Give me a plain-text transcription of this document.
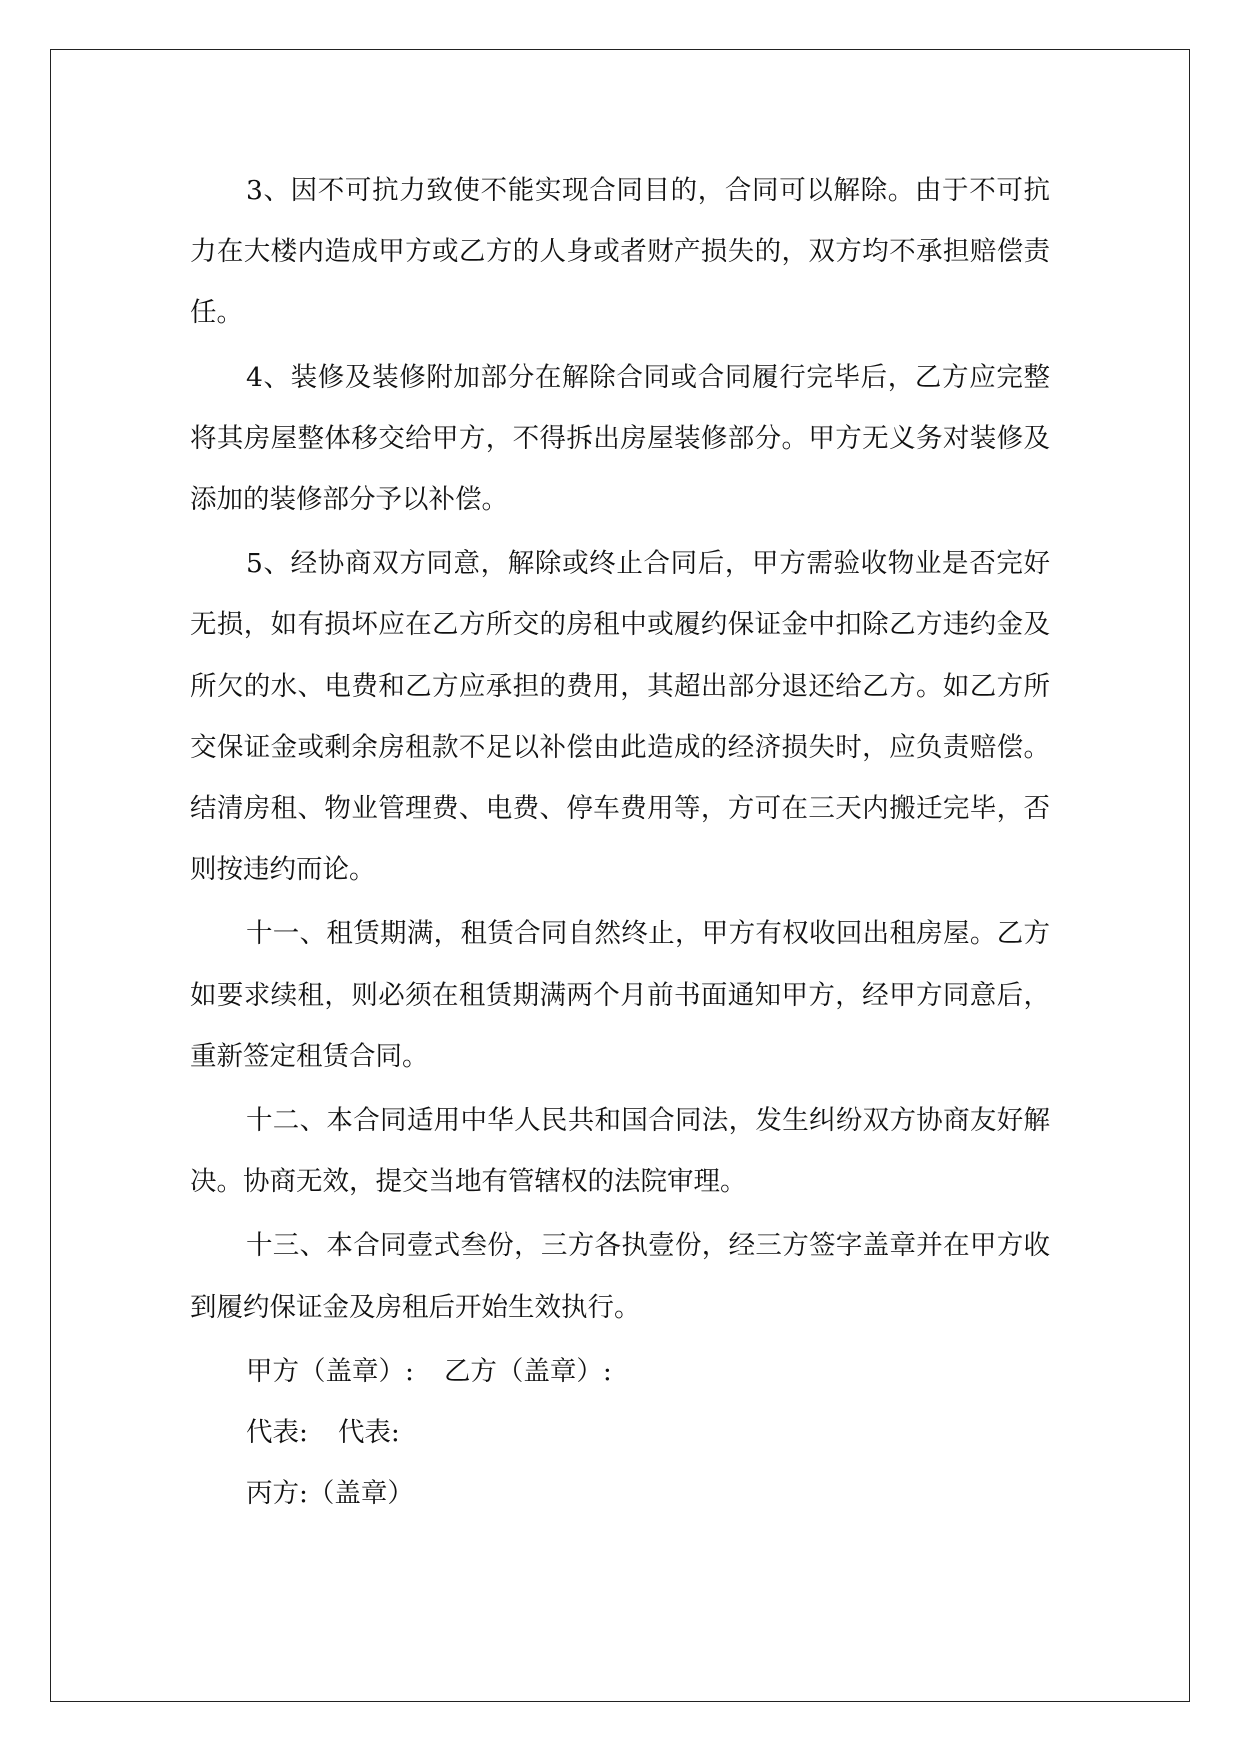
3、因不可抗力致使不能实现合同目的，合同可以解除。由于不可抗力在大楼内造成甲方或乙方的人身或者财产损失的，双方均不承担赔偿责任。

4、装修及装修附加部分在解除合同或合同履行完毕后，乙方应完整将其房屋整体移交给甲方，不得拆出房屋装修部分。甲方无义务对装修及添加的装修部分予以补偿。

5、经协商双方同意，解除或终止合同后，甲方需验收物业是否完好无损，如有损坏应在乙方所交的房租中或履约保证金中扣除乙方违约金及所欠的水、电费和乙方应承担的费用，其超出部分退还给乙方。如乙方所交保证金或剩余房租款不足以补偿由此造成的经济损失时，应负责赔偿。结清房租、物业管理费、电费、停车费用等，方可在三天内搬迁完毕，否则按违约而论。

十一、租赁期满，租赁合同自然终止，甲方有权收回出租房屋。乙方如要求续租，则必须在租赁期满两个月前书面通知甲方，经甲方同意后，重新签定租赁合同。

十二、本合同适用中华人民共和国合同法，发生纠纷双方协商友好解决。协商无效，提交当地有管辖权的法院审理。

十三、本合同壹式叁份，三方各执壹份，经三方签字盖章并在甲方收到履约保证金及房租后开始生效执行。

甲方（盖章）: 乙方（盖章）:
代表: 代表:
丙方:（盖章）
